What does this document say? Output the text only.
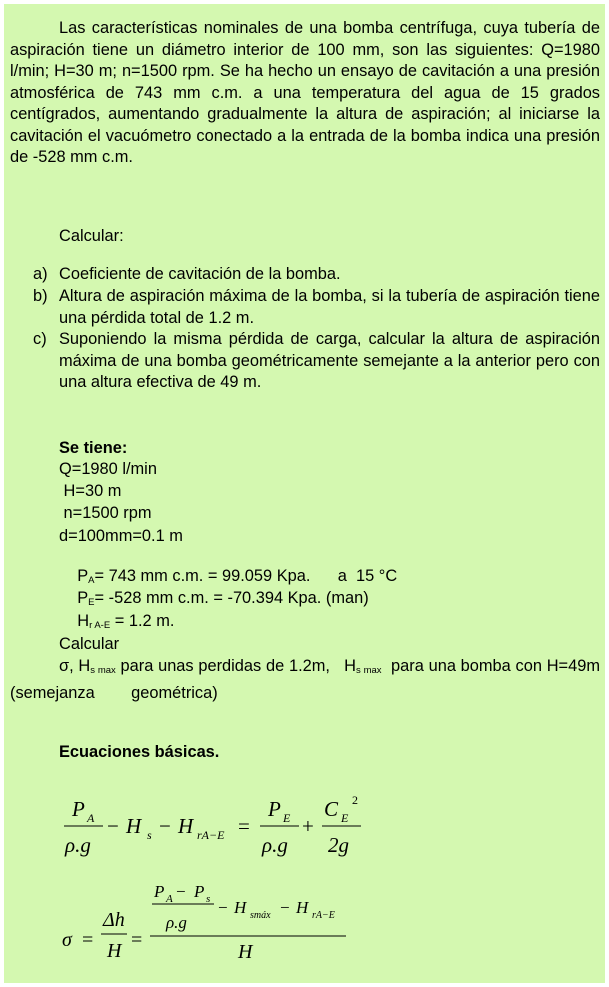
Las características nominales de una bomba centrífuga, cuya tubería de aspiración tiene un diámetro interior de 100 mm, son las siguientes: Q=1980 l/min; H=30 m; n=1500 rpm. Se ha hecho un ensayo de cavitación a una presión atmosférica de 743 mm c.m. a una temperatura del agua de 15 grados centígrados, aumentando gradualmente la altura de aspiración; al iniciarse la cavitación el vacuómetro conectado a la entrada de la bomba indica una presión de -528 mm c.m.
Calcular:
a) Coeficiente de cavitación de la bomba.
b) Altura de aspiración máxima de la bomba, si la tubería de aspiración tiene una pérdida total de 1.2 m.
c) Suponiendo la misma pérdida de carga, calcular la altura de aspiración máxima de una bomba geométricamente semejante a la anterior pero con una altura efectiva de 49 m.
Se tiene:
Q=1980 l/min
H=30 m
n=1500 rpm
d=100mm=0.1 m

$P_A= 743$ mm c.m. = 99.059 Kpa.      a  15 °C

$P_E= -528$ mm c.m. = -70.394 Kpa. (man)

$H_{r A-E} = 1.2$ m.

Calcular
σ, $H_{s max}$ para unas perdidas de 1.2m,   $H_{s max}$  para una bomba con H=49m (semejanza        geométrica)
Ecuaciones básicas.
P A
ρ.g
− H s − H rA−E =
P E
ρ.g
+
C E
2
2g
σ =
Δh
H =
P A − P s
ρ.g
− H smáx − H rA−E
H
